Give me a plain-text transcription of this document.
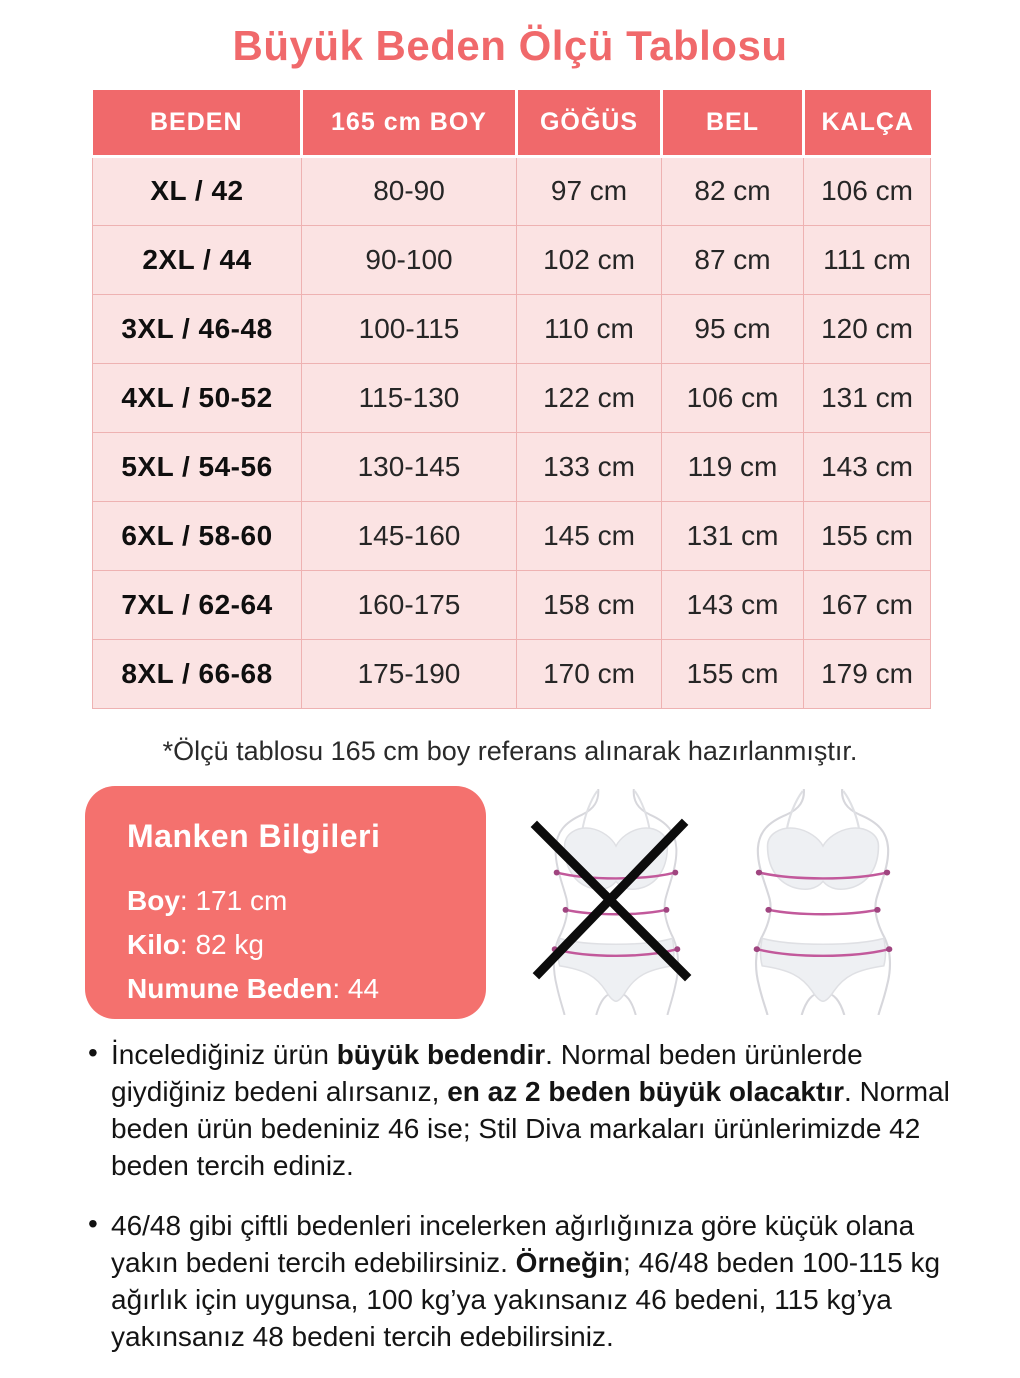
Büyük Beden Ölçü Tablosu
BEDEN	165 cm BOY	GÖĞÜS	BEL	KALÇA
XL / 42	80-90	97 cm	82 cm	106 cm
2XL / 44	90-100	102 cm	87 cm	111 cm
3XL / 46-48	100-115	110 cm	95 cm	120 cm
4XL / 50-52	115-130	122 cm	106 cm	131 cm
5XL / 54-56	130-145	133 cm	119 cm	143 cm
6XL / 58-60	145-160	145 cm	131 cm	155 cm
7XL / 62-64	160-175	158 cm	143 cm	167 cm
8XL / 66-68	175-190	170 cm	155 cm	179 cm
*Ölçü tablosu 165 cm boy referans alınarak hazırlanmıştır.
Manken Bilgileri
Boy: 171 cm
Kilo: 82 kg
Numune Beden: 44
• İncelediğiniz ürün büyük bedendir. Normal beden ürünlerde giydiğiniz bedeni alırsanız, en az 2 beden büyük olacaktır. Normal beden ürün bedeniniz 46 ise; Stil Diva markaları ürünlerimizde 42 beden tercih ediniz.
• 46/48 gibi çiftli bedenleri incelerken ağırlığınıza göre küçük olana yakın bedeni tercih edebilirsiniz. Örneğin; 46/48 beden 100-115 kg ağırlık için uygunsa, 100 kg’ya yakınsanız 46 bedeni, 115 kg’ya yakınsanız 48 bedeni tercih edebilirsiniz.
